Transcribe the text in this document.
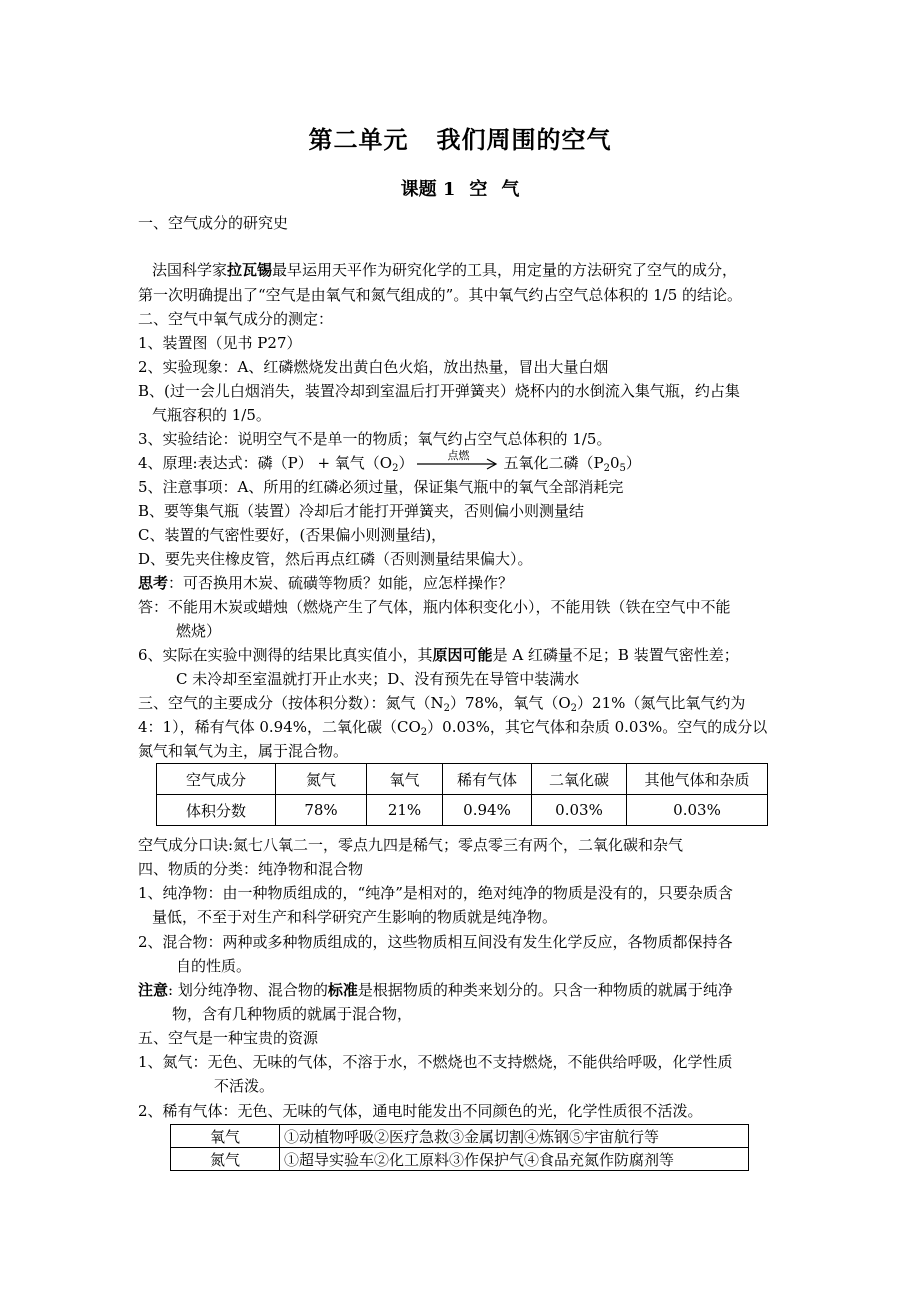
第二单元 我们周围的空气
课题 1 空 气
一、空气成分的研究史
法国科学家拉瓦锡最早运用天平作为研究化学的工具，用定量的方法研究了空气的成分，
第一次明确提出了“空气是由氧气和氮气组成的”。其中氧气约占空气总体积的 1/5 的结论。
二、空气中氧气成分的测定：
1、装置图（见书 P27）
2、实验现象：A、红磷燃烧发出黄白色火焰，放出热量，冒出大量白烟
B、(过一会儿白烟消失，装置冷却到室温后打开弹簧夹）烧杯内的水倒流入集气瓶，约占集
气瓶容积的 1/5。
3、实验结论：说明空气不是单一的物质；氧气约占空气总体积的 1/5。
4、原理:表达式：磷（P） + 氧气$(O_2)$	点燃	五氧化二磷$(P_20_5)$
5、注意事项：A、所用的红磷必须过量，保证集气瓶中的氧气全部消耗完
B、要等集气瓶（装置）冷却后才能打开弹簧夹，否则偏小则测量结
C、装置的气密性要好，(否果偏小则测量结)，
D、要先夹住橡皮管，然后再点红磷（否则测量结果偏大）。
思考：可否换用木炭、硫磺等物质？如能，应怎样操作？
答：不能用木炭或蜡烛（燃烧产生了气体，瓶内体积变化小），不能用铁（铁在空气中不能
燃烧）
6、实际在实验中测得的结果比真实值小，其原因可能是 A 红磷量不足；B 装置气密性差；
C 未冷却至室温就打开止水夹；D、没有预先在导管中装满水
三、空气的主要成分（按体积分数）：氮气$(N_2)78\%$，氧气$(O_2)21\%$（氮气比氧气约为
4：1），稀有气体 0.94%，二氧化碳$(CO_2)0.03\%$，其它气体和杂质 0.03%。空气的成分以
氮气和氧气为主，属于混合物。
空气成分	氮气	氧气	稀有气体	二氧化碳	其他气体和杂质
体积分数	78%	21%	0.94%	0.03%	0.03%
空气成分口诀:氮七八氧二一，零点九四是稀气；零点零三有两个，二氧化碳和杂气
四、物质的分类：纯净物和混合物
1、纯净物：由一种物质组成的，“纯净”是相对的，绝对纯净的物质是没有的，只要杂质含
量低，不至于对生产和科学研究产生影响的物质就是纯净物。
2、混合物：两种或多种物质组成的，这些物质相互间没有发生化学反应，各物质都保持各
自的性质。
注意: 划分纯净物、混合物的标准是根据物质的种类来划分的。只含一种物质的就属于纯净
物，含有几种物质的就属于混合物，
五、空气是一种宝贵的资源
1、氮气：无色、无味的气体，不溶于水，不燃烧也不支持燃烧，不能供给呼吸，化学性质
不活泼。
2、稀有气体：无色、无味的气体，通电时能发出不同颜色的光，化学性质很不活泼。
氧气	①动植物呼吸②医疗急救③金属切割④炼钢⑤宇宙航行等
氮气	①超导实验车②化工原料③作保护气④食品充氮作防腐剂等
